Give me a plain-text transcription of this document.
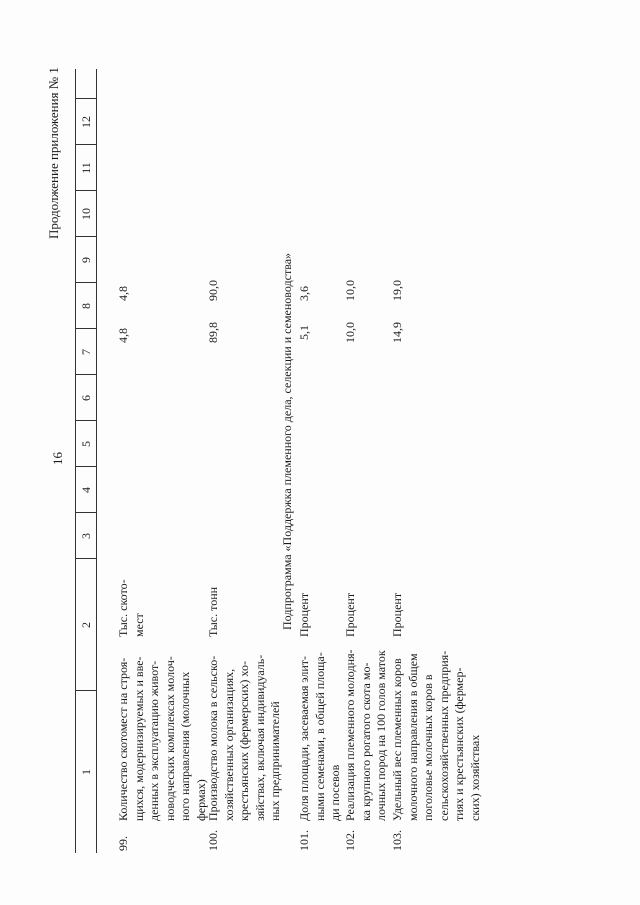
16
Продолжение приложения № 1
1
2
3
4
5
6
7
8
9
10
11
12
99.
Количество скотомест на строя- щихся, модернизируемых и вве- денных в эксплуатацию живот- новодческих комплексах молоч- ного направления (молочных фермах)
Тыс. ското- мест
4,8
4,8
100.
Производство молока в сельско- хозяйственных организациях, крестьянских (фермерских) хо- зяйствах, включая индивидуаль- ных предпринимателей
Тыс. тонн
89,8
90,0	Подпрограмма «Поддержка племенного дела, селекции и семеноводства»
101.
Доля площади, засеваемая элит- ными семенами, в общей площа- ди посевов
Процент
5,1
3,6
102.
Реализация племенного молодня- ка крупного рогатого скота мо- лочных пород на 100 голов маток
Процент
10,0
10,0
103.
Удельный вес племенных коров молочного направления в общем поголовье молочных коров в сельскохозяйственных предприя- тиях и крестьянских (фермер- ских) хозяйствах
Процент
14,9
19,0
